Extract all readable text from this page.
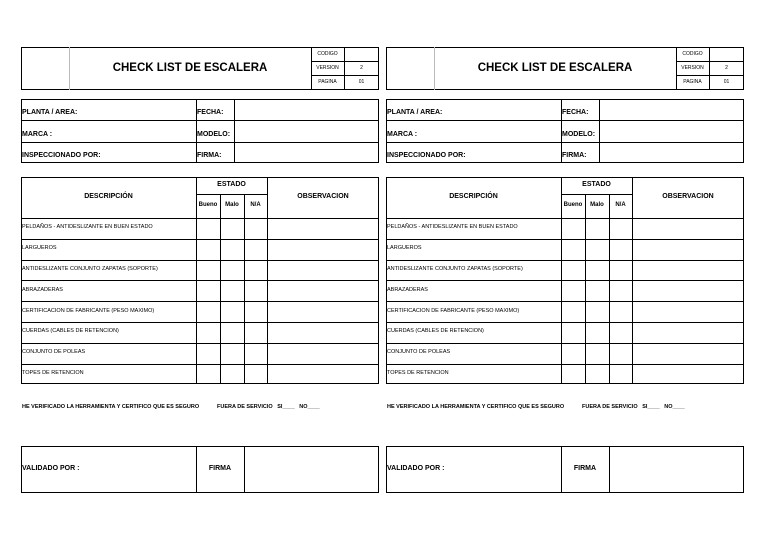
CHECK LIST DE ESCALERA
CODIGO
VERSION	2
PAGINA	01
PLANTA / AREA:	FECHA:
MARCA :	MODELO:
INSPECCIONADO POR:	FIRMA:
DESCRIPCIÓN
ESTADO
OBSERVACION
Bueno	Malo	N/A
PELDAÑOS - ANTIDESLIZANTE EN BUEN ESTADO
LARGUEROS
ANTIDESLIZANTE CONJUNTO ZAPATAS (SOPORTE)
ABRAZADERAS
CERTIFICACION DE FABRICANTE (PESO MAXIMO)
CUERDAS (CABLES DE RETENCION)
CONJUNTO DE POLEAS
TOPES DE RETENCION
HE VERIFICADO LA HERRAMIENTA Y CERTIFICO QUE ES SEGURO	FUERA DE SERVICIO   SI____   NO____
VALIDADO POR :	FIRMA
CHECK LIST DE ESCALERA
CODIGO
VERSION	2
PAGINA	01
PLANTA / AREA:	FECHA:
MARCA :	MODELO:
INSPECCIONADO POR:	FIRMA:
DESCRIPCIÓN
ESTADO
OBSERVACION
Bueno	Malo	N/A
PELDAÑOS - ANTIDESLIZANTE EN BUEN ESTADO
LARGUEROS
ANTIDESLIZANTE CONJUNTO ZAPATAS (SOPORTE)
ABRAZADERAS
CERTIFICACION DE FABRICANTE (PESO MAXIMO)
CUERDAS (CABLES DE RETENCION)
CONJUNTO DE POLEAS
TOPES DE RETENCION
HE VERIFICADO LA HERRAMIENTA Y CERTIFICO QUE ES SEGURO	FUERA DE SERVICIO   SI____   NO____
VALIDADO POR :	FIRMA
